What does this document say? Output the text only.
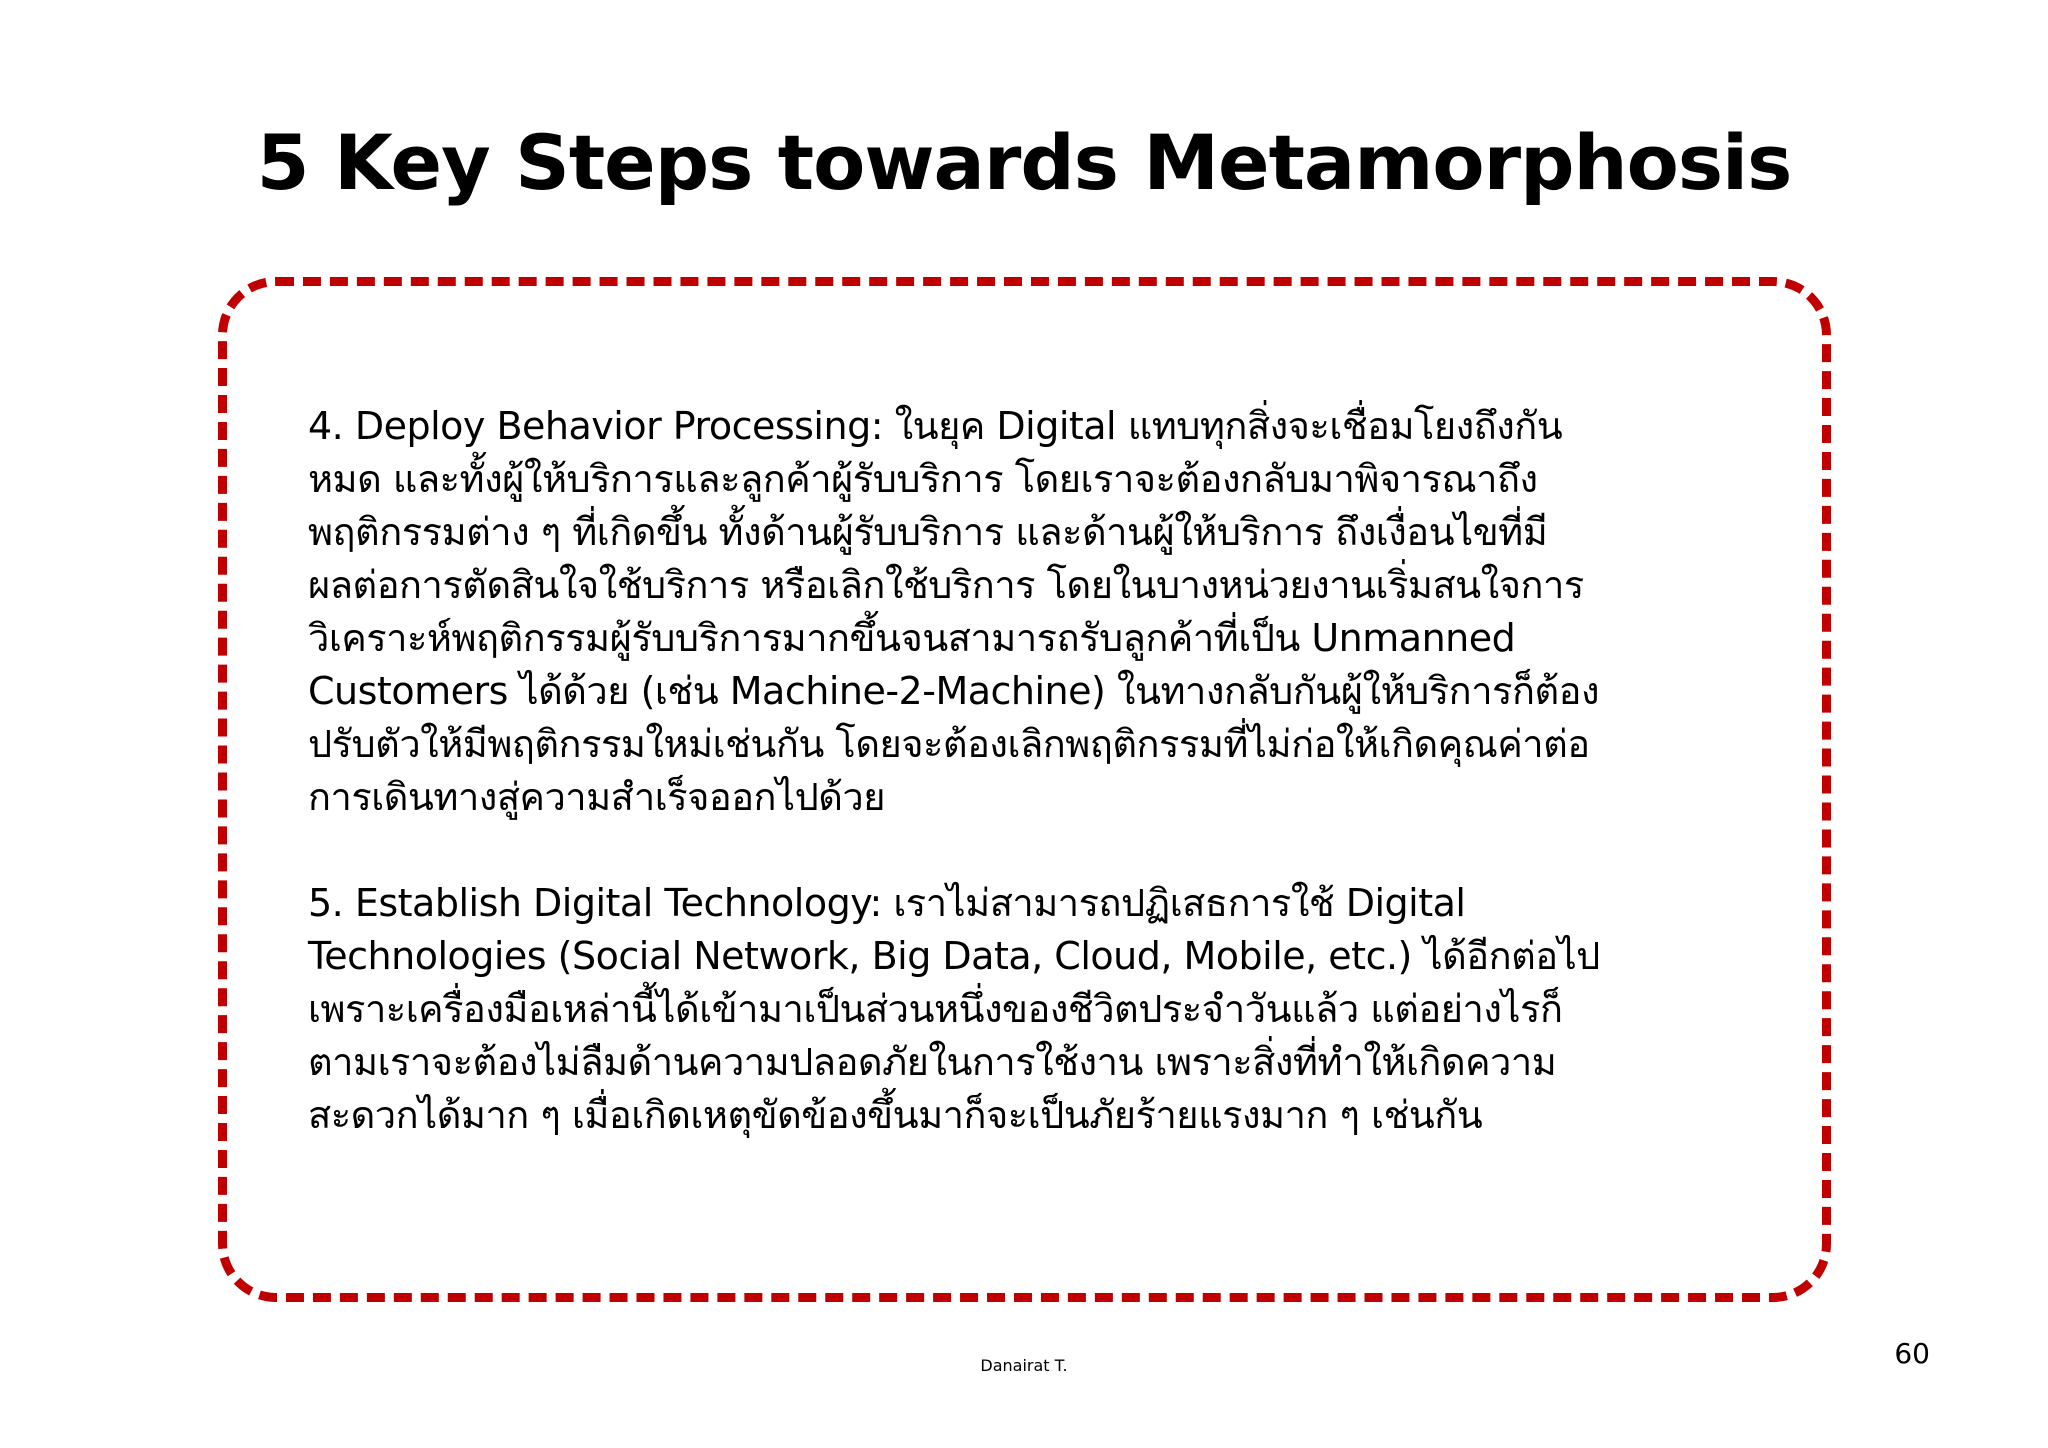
5 Key Steps towards Metamorphosis

4. Deploy Behavior Processing: ในยุค Digital แทบทุกสิ่งจะเชื่อมโยงถึงกัน
หมด และทั้งผู้ให้บริการและลูกค้าผู้รับบริการ โดยเราจะต้องกลับมาพิจารณาถึง
พฤติกรรมต่าง ๆ ที่เกิดขึ้น ทั้งด้านผู้รับบริการ และด้านผู้ให้บริการ ถึงเงื่อนไขที่มี
ผลต่อการตัดสินใจใช้บริการ หรือเลิกใช้บริการ โดยในบางหน่วยงานเริ่มสนใจการ
วิเคราะห์พฤติกรรมผู้รับบริการมากขึ้นจนสามารถรับลูกค้าที่เป็น Unmanned
Customers ได้ด้วย (เช่น Machine-2-Machine) ในทางกลับกันผู้ให้บริการก็ต้อง
ปรับตัวให้มีพฤติกรรมใหม่เช่นกัน โดยจะต้องเลิกพฤติกรรมที่ไม่ก่อให้เกิดคุณค่าต่อ
การเดินทางสู่ความสำเร็จออกไปด้วย

5. Establish Digital Technology: เราไม่สามารถปฏิเสธการใช้ Digital
Technologies (Social Network, Big Data, Cloud, Mobile, etc.) ได้อีกต่อไป
เพราะเครื่องมือเหล่านี้ได้เข้ามาเป็นส่วนหนึ่งของชีวิตประจำวันแล้ว แต่อย่างไรก็
ตามเราจะต้องไม่ลืมด้านความปลอดภัยในการใช้งาน เพราะสิ่งที่ทำให้เกิดความ
สะดวกได้มาก ๆ เมื่อเกิดเหตุขัดข้องขึ้นมาก็จะเป็นภัยร้ายแรงมาก ๆ เช่นกัน

Danairat T.	60
